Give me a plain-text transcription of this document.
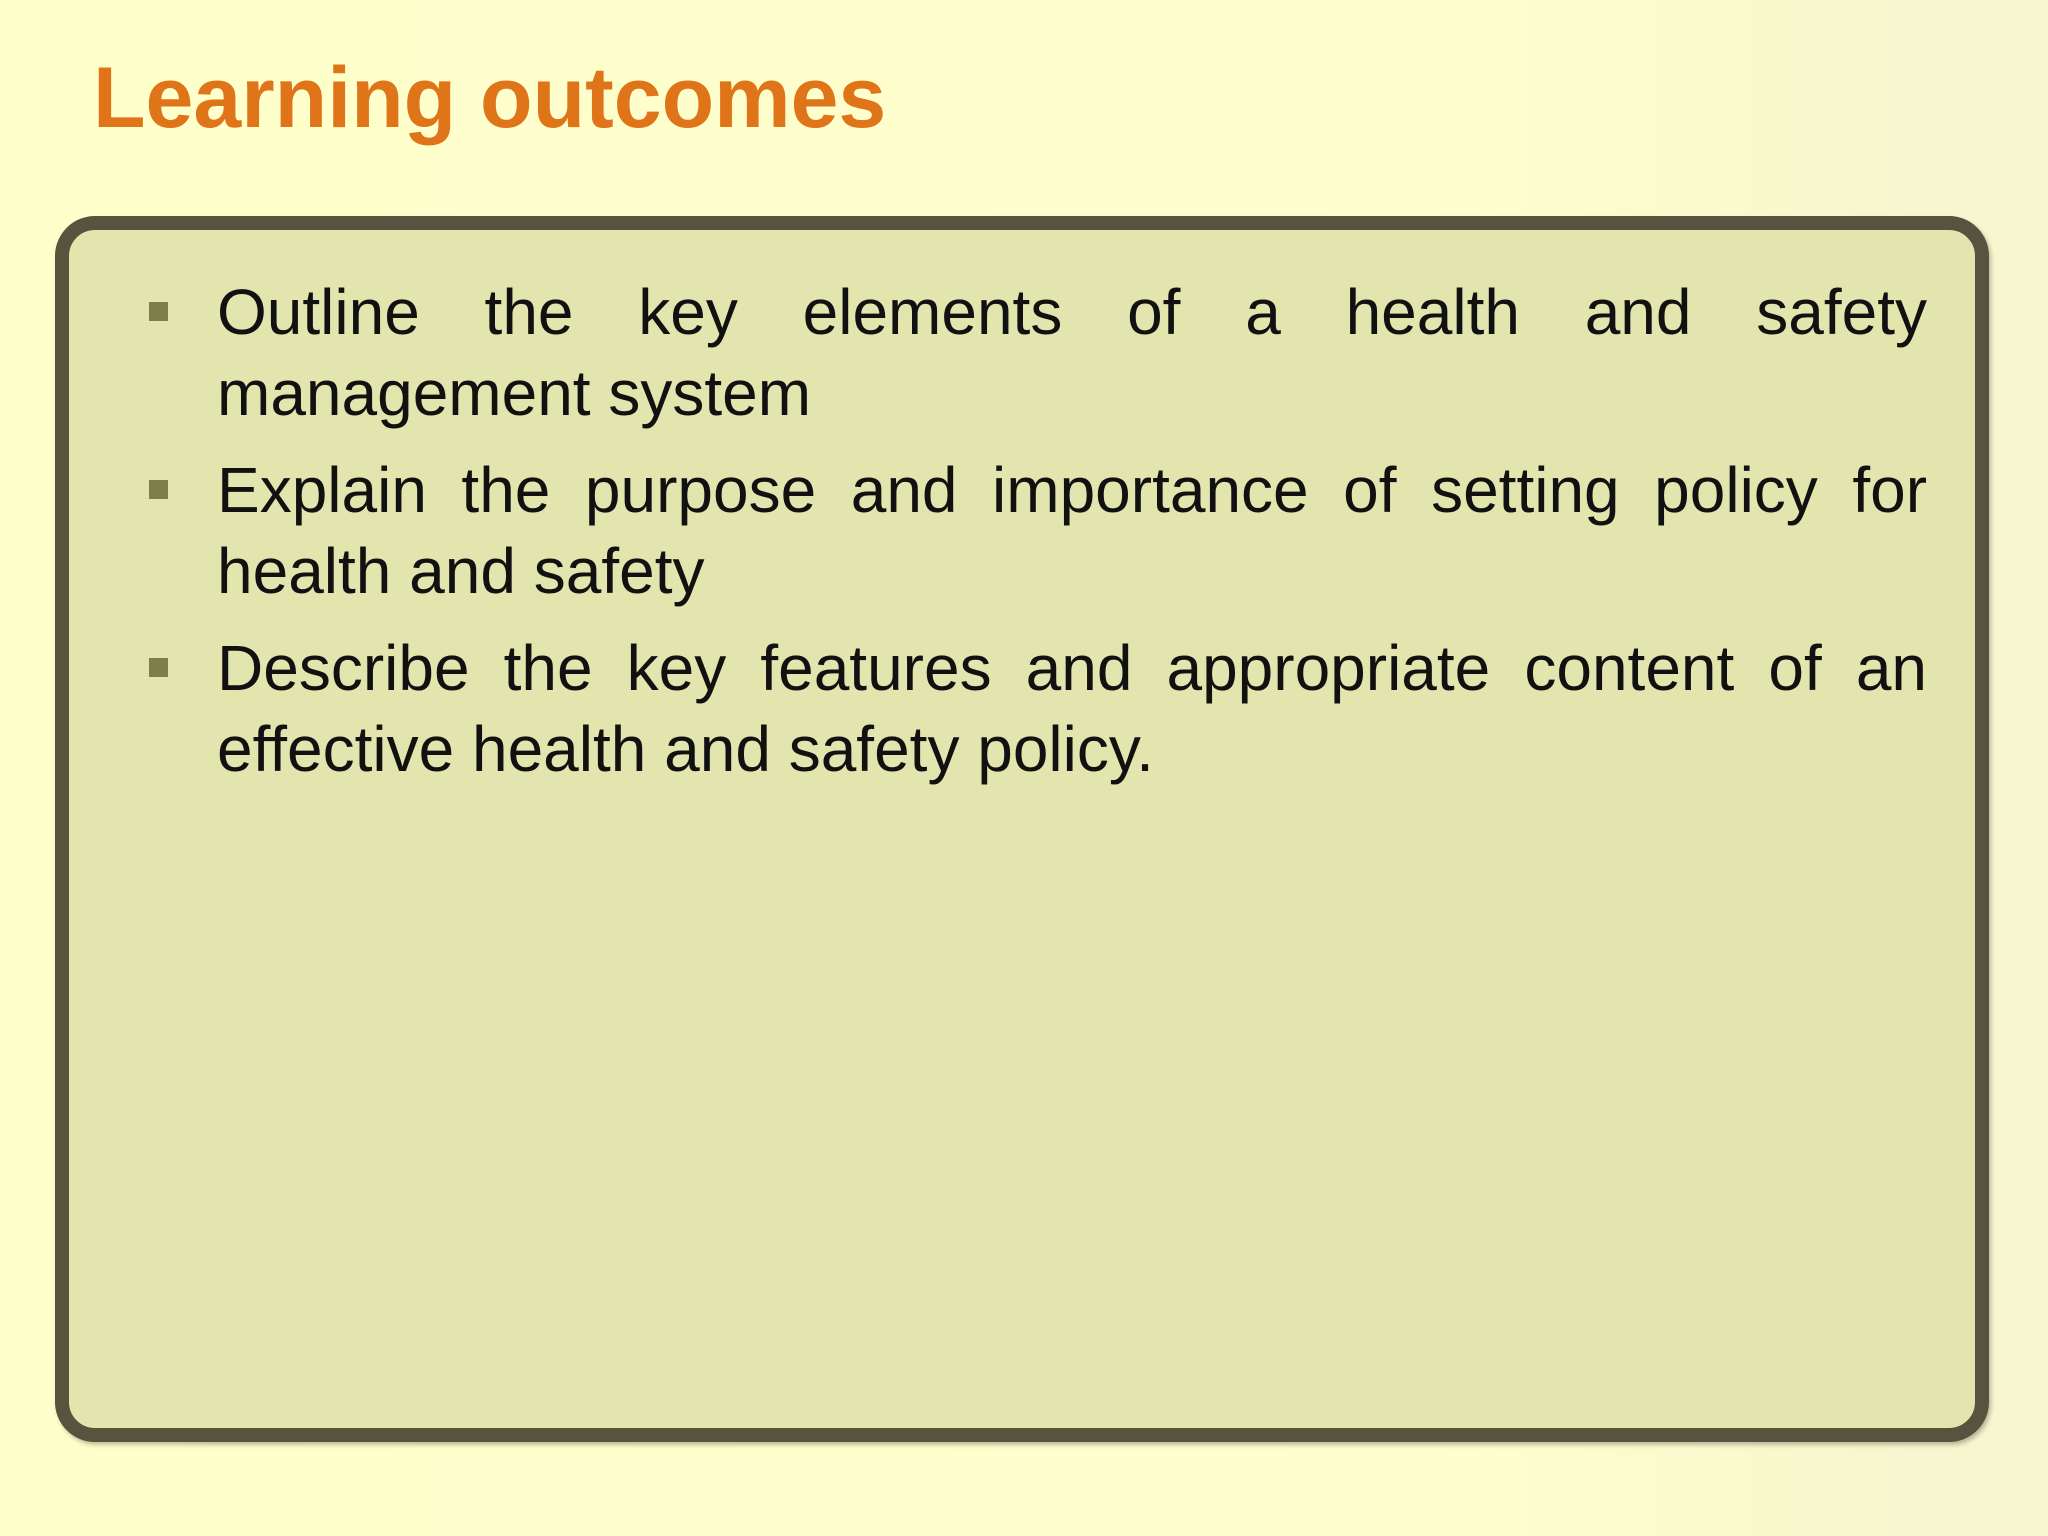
Learning outcomes
Outline the key elements of a health and safety management system
Explain the purpose and importance of setting policy for health and safety
Describe the key features and appropriate content of an effective health and safety policy.
